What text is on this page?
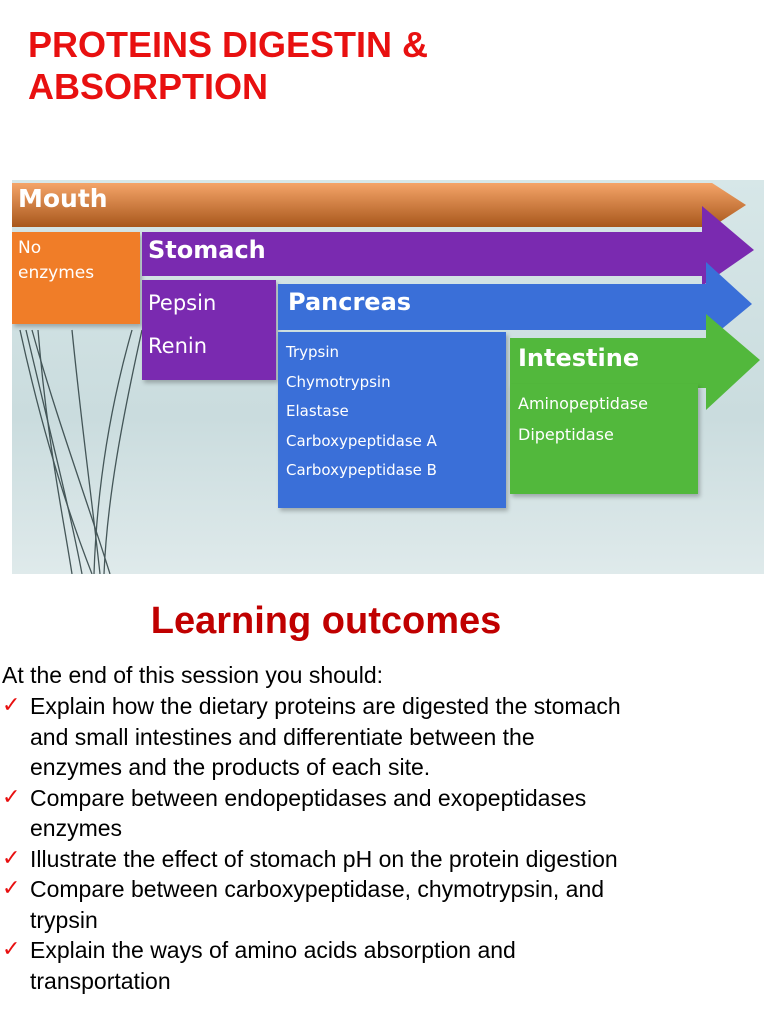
PROTEINS DIGESTIN &
ABSORPTION
Mouth
No
enzymes
Stomach
Pepsin
Renin
Pancreas
Trypsin
Chymotrypsin
Elastase
Carboxypeptidase A
Carboxypeptidase B
Intestine
Aminopeptidase
Dipeptidase
Learning outcomes
At the end of this session you should:
✓ Explain how the dietary proteins are digested the stomach
and small intestines and differentiate between the
enzymes and the products of each site.
✓ Compare between endopeptidases and exopeptidases
enzymes
✓ Illustrate the effect of stomach pH on the protein digestion
✓ Compare between carboxypeptidase, chymotrypsin, and
trypsin
✓ Explain the ways of amino acids absorption and
transportation
